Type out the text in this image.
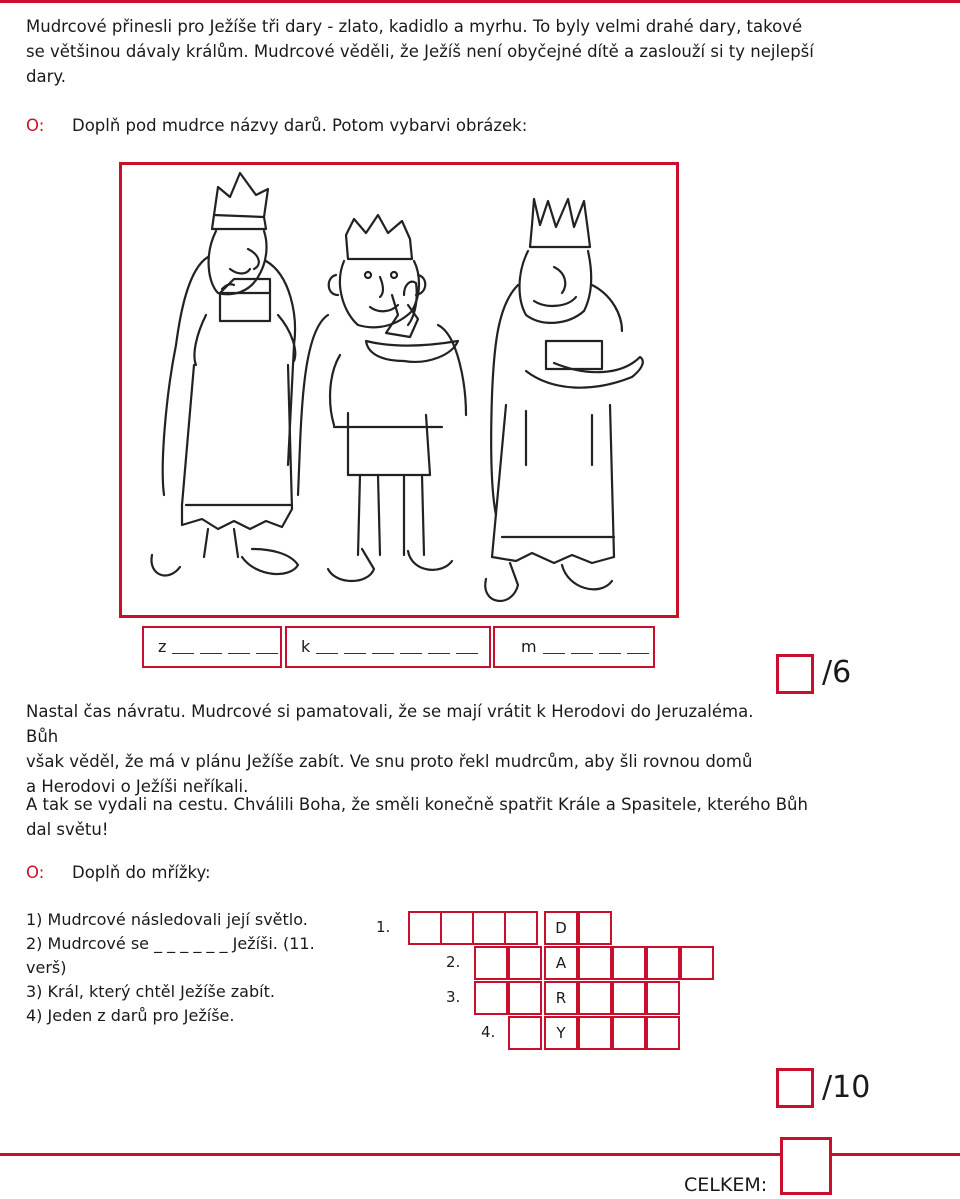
Mudrcové přinesli pro Ježíše tři dary - zlato, kadidlo a myrhu. To byly velmi drahé dary, takové
se většinou dávaly králům. Mudrcové věděli, že Ježíš není obyčejné dítě a zaslouží si ty nejlepší
dary.
O: Doplň pod mudrce názvy darů. Potom vybarvi obrázek:
z	k	m
/6
Nastal čas návratu. Mudrcové si pamatovali, že se mají vrátit k Herodovi do Jeruzaléma. Bůh
však věděl, že má v plánu Ježíše zabít. Ve snu proto řekl mudrcům, aby šli rovnou domů
a Herodovi o Ježíši neříkali.
A tak se vydali na cestu. Chválili Boha, že směli konečně spatřit Krále a Spasitele, kterého Bůh
dal světu!
O: Doplň do mřížky:
1) Mudrcové následovali její světlo.
2) Mudrcové se _ _ _ _ _ _ Ježíši. (11.
verš)
3) Král, který chtěl Ježíše zabít.
4) Jeden z darů pro Ježíše.
1.
2.
3.
4.
D
A
R
Y
/10
CELKEM:
